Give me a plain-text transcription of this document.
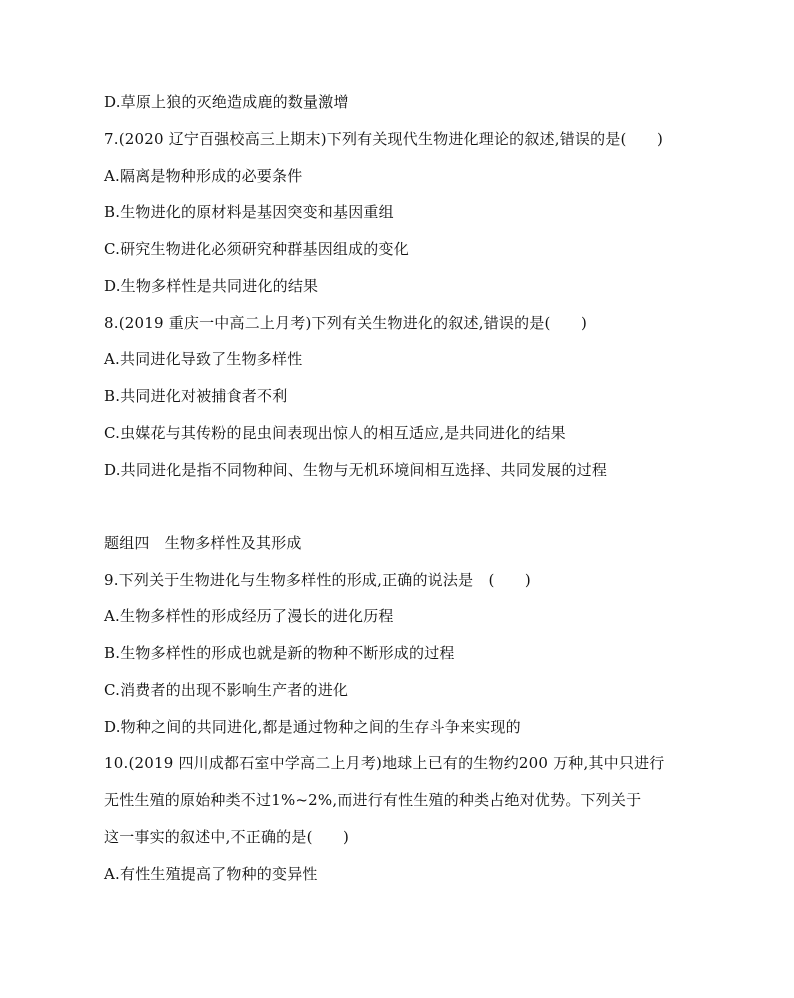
D.草原上狼的灭绝造成鹿的数量激增
7.(2020 辽宁百强校高三上期末)下列有关现代生物进化理论的叙述,错误的是(　　)
A.隔离是物种形成的必要条件
B.生物进化的原材料是基因突变和基因重组
C.研究生物进化必须研究种群基因组成的变化
D.生物多样性是共同进化的结果
8.(2019 重庆一中高二上月考)下列有关生物进化的叙述,错误的是(　　)
A.共同进化导致了生物多样性
B.共同进化对被捕食者不利
C.虫媒花与其传粉的昆虫间表现出惊人的相互适应,是共同进化的结果
D.共同进化是指不同物种间、生物与无机环境间相互选择、共同发展的过程
题组四　生物多样性及其形成
9.下列关于生物进化与生物多样性的形成,正确的说法是　(　　)
A.生物多样性的形成经历了漫长的进化历程
B.生物多样性的形成也就是新的物种不断形成的过程
C.消费者的出现不影响生产者的进化
D.物种之间的共同进化,都是通过物种之间的生存斗争来实现的
10.(2019 四川成都石室中学高二上月考)地球上已有的生物约200 万种,其中只进行
无性生殖的原始种类不过1%~2%,而进行有性生殖的种类占绝对优势。下列关于
这一事实的叙述中,不正确的是(　　)
A.有性生殖提高了物种的变异性
